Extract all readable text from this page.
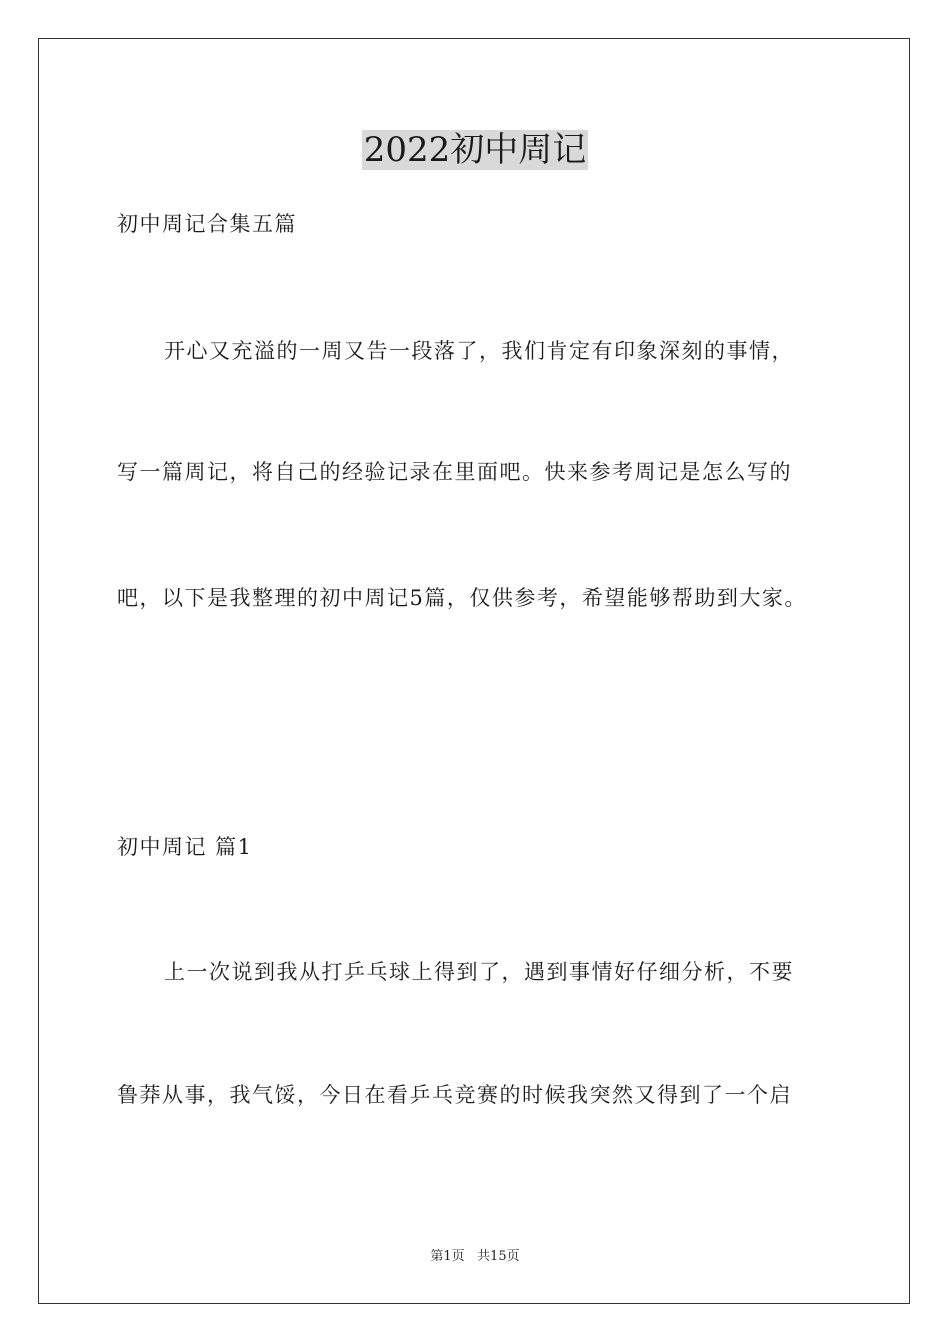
2022初中周记

初中周记合集五篇

开心又充溢的一周又告一段落了，我们肯定有印象深刻的事情，

写一篇周记，将自己的经验记录在里面吧。快来参考周记是怎么写的

吧，以下是我整理的初中周记5篇，仅供参考，希望能够帮助到大家。

初中周记 篇1

上一次说到我从打乒乓球上得到了，遇到事情好仔细分析，不要

鲁莽从事，我气馁，今日在看乒乓竞赛的时候我突然又得到了一个启

第1页   共15页
